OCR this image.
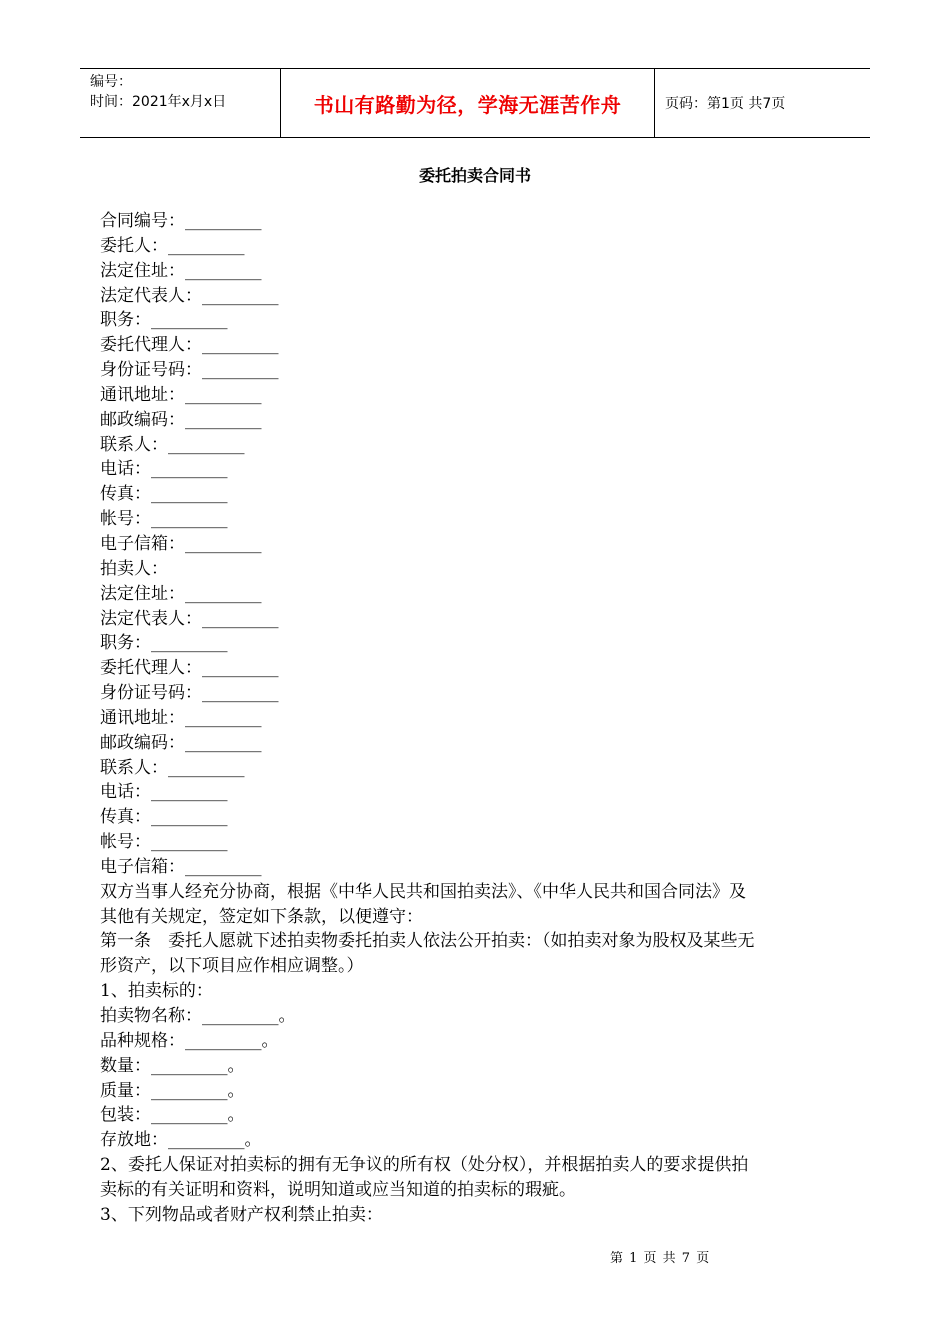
编号：
时间：2021年x月x日	书山有路勤为径，学海无涯苦作舟	页码：第1页 共7页
委托拍卖合同书
合同编号：_________
委托人：_________
法定住址：_________
法定代表人：_________
职务：_________
委托代理人：_________
身份证号码：_________
通讯地址：_________
邮政编码：_________
联系人：_________
电话：_________
传真：_________
帐号：_________
电子信箱：_________
拍卖人：
法定住址：_________
法定代表人：_________
职务：_________
委托代理人：_________
身份证号码：_________
通讯地址：_________
邮政编码：_________
联系人：_________
电话：_________
传真：_________
帐号：_________
电子信箱：_________
双方当事人经充分协商，根据《中华人民共和国拍卖法》、《中华人民共和国合同法》及
其他有关规定，签定如下条款，以便遵守：
第一条　委托人愿就下述拍卖物委托拍卖人依法公开拍卖：（如拍卖对象为股权及某些无
形资产，以下项目应作相应调整。）
1、拍卖标的：
拍卖物名称：_________。
品种规格：_________。
数量：_________。
质量：_________。
包装：_________。
存放地：_________。
2、委托人保证对拍卖标的拥有无争议的所有权（处分权），并根据拍卖人的要求提供拍
卖标的有关证明和资料，说明知道或应当知道的拍卖标的瑕疵。
3、下列物品或者财产权利禁止拍卖：
第 1 页 共 7 页
